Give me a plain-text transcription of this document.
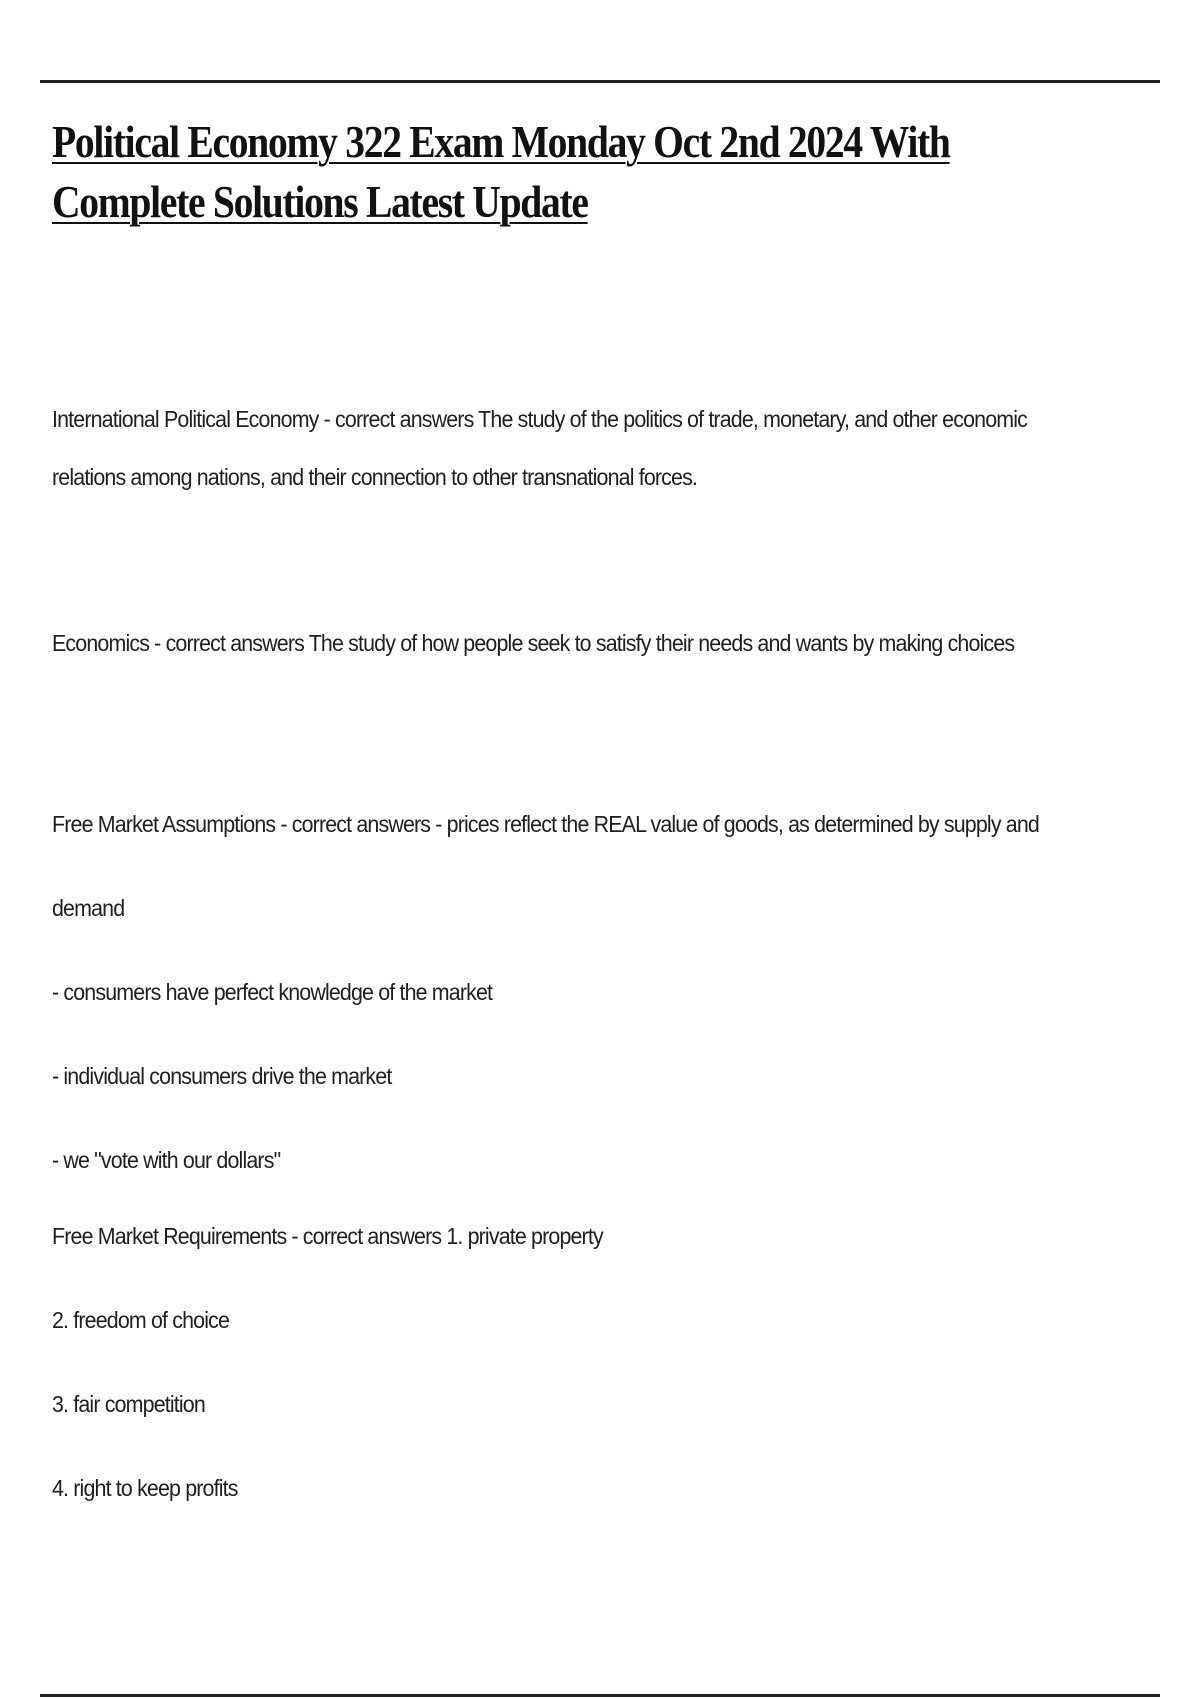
Political Economy 322 Exam Monday Oct 2nd 2024 With Complete Solutions Latest Update

International Political Economy - correct answers The study of the politics of trade, monetary, and other economic relations among nations, and their connection to other transnational forces.

Economics - correct answers The study of how people seek to satisfy their needs and wants by making choices

Free Market Assumptions - correct answers - prices reflect the REAL value of goods, as determined by supply and demand

- consumers have perfect knowledge of the market

- individual consumers drive the market

- we "vote with our dollars"

Free Market Requirements - correct answers 1. private property

2. freedom of choice

3. fair competition

4. right to keep profits
